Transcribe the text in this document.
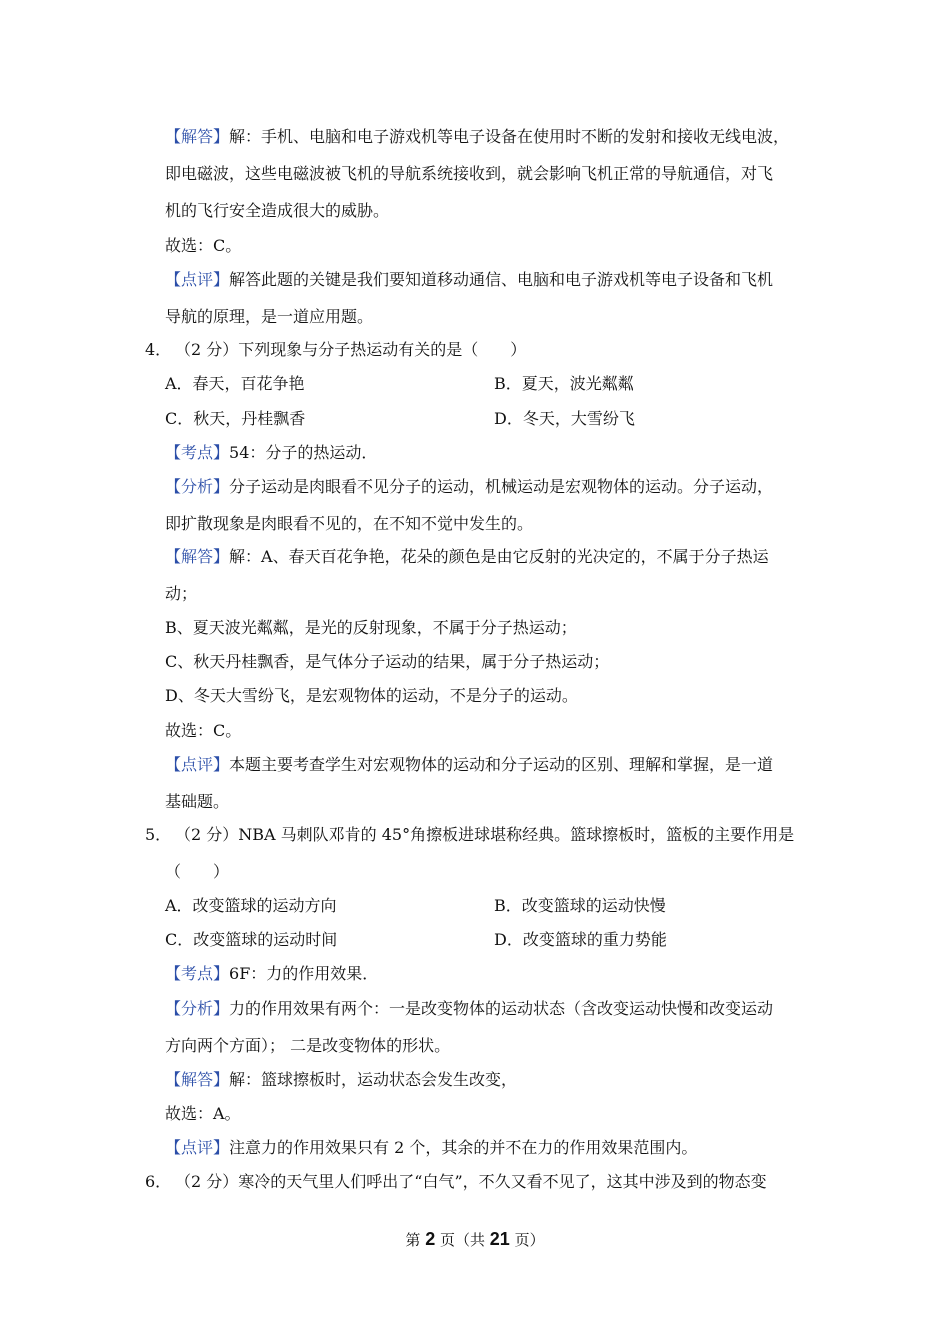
【解答】解：手机、电脑和电子游戏机等电子设备在使用时不断的发射和接收无线电波，
即电磁波，这些电磁波被飞机的导航系统接收到，就会影响飞机正常的导航通信，对飞
机的飞行安全造成很大的威胁。
故选：C。
【点评】解答此题的关键是我们要知道移动通信、电脑和电子游戏机等电子设备和飞机
导航的原理，是一道应用题。
4． （2 分）下列现象与分子热运动有关的是（　　）
A．春天，百花争艳	B．夏天，波光粼粼
C．秋天，丹桂飘香	D．冬天，大雪纷飞
【考点】54：分子的热运动．
【分析】分子运动是肉眼看不见分子的运动，机械运动是宏观物体的运动。分子运动，
即扩散现象是肉眼看不见的，在不知不觉中发生的。
【解答】解：A、春天百花争艳，花朵的颜色是由它反射的光决定的，不属于分子热运
动；
B、夏天波光粼粼，是光的反射现象，不属于分子热运动；
C、秋天丹桂飘香，是气体分子运动的结果，属于分子热运动；
D、冬天大雪纷飞，是宏观物体的运动，不是分子的运动。
故选：C。
【点评】本题主要考查学生对宏观物体的运动和分子运动的区别、理解和掌握，是一道
基础题。
5． （2 分）NBA 马刺队邓肯的 45°角擦板进球堪称经典。篮球擦板时，篮板的主要作用是
（　　）
A．改变篮球的运动方向	B．改变篮球的运动快慢
C．改变篮球的运动时间	D．改变篮球的重力势能
【考点】6F：力的作用效果．
【分析】力的作用效果有两个：一是改变物体的运动状态（含改变运动快慢和改变运动
方向两个方面）； 二是改变物体的形状。
【解答】解：篮球擦板时，运动状态会发生改变，
故选：A。
【点评】注意力的作用效果只有 2 个，其余的并不在力的作用效果范围内。
6． （2 分）寒冷的天气里人们呼出了“白气”，不久又看不见了，这其中涉及到的物态变
第 2 页（共 21 页）
